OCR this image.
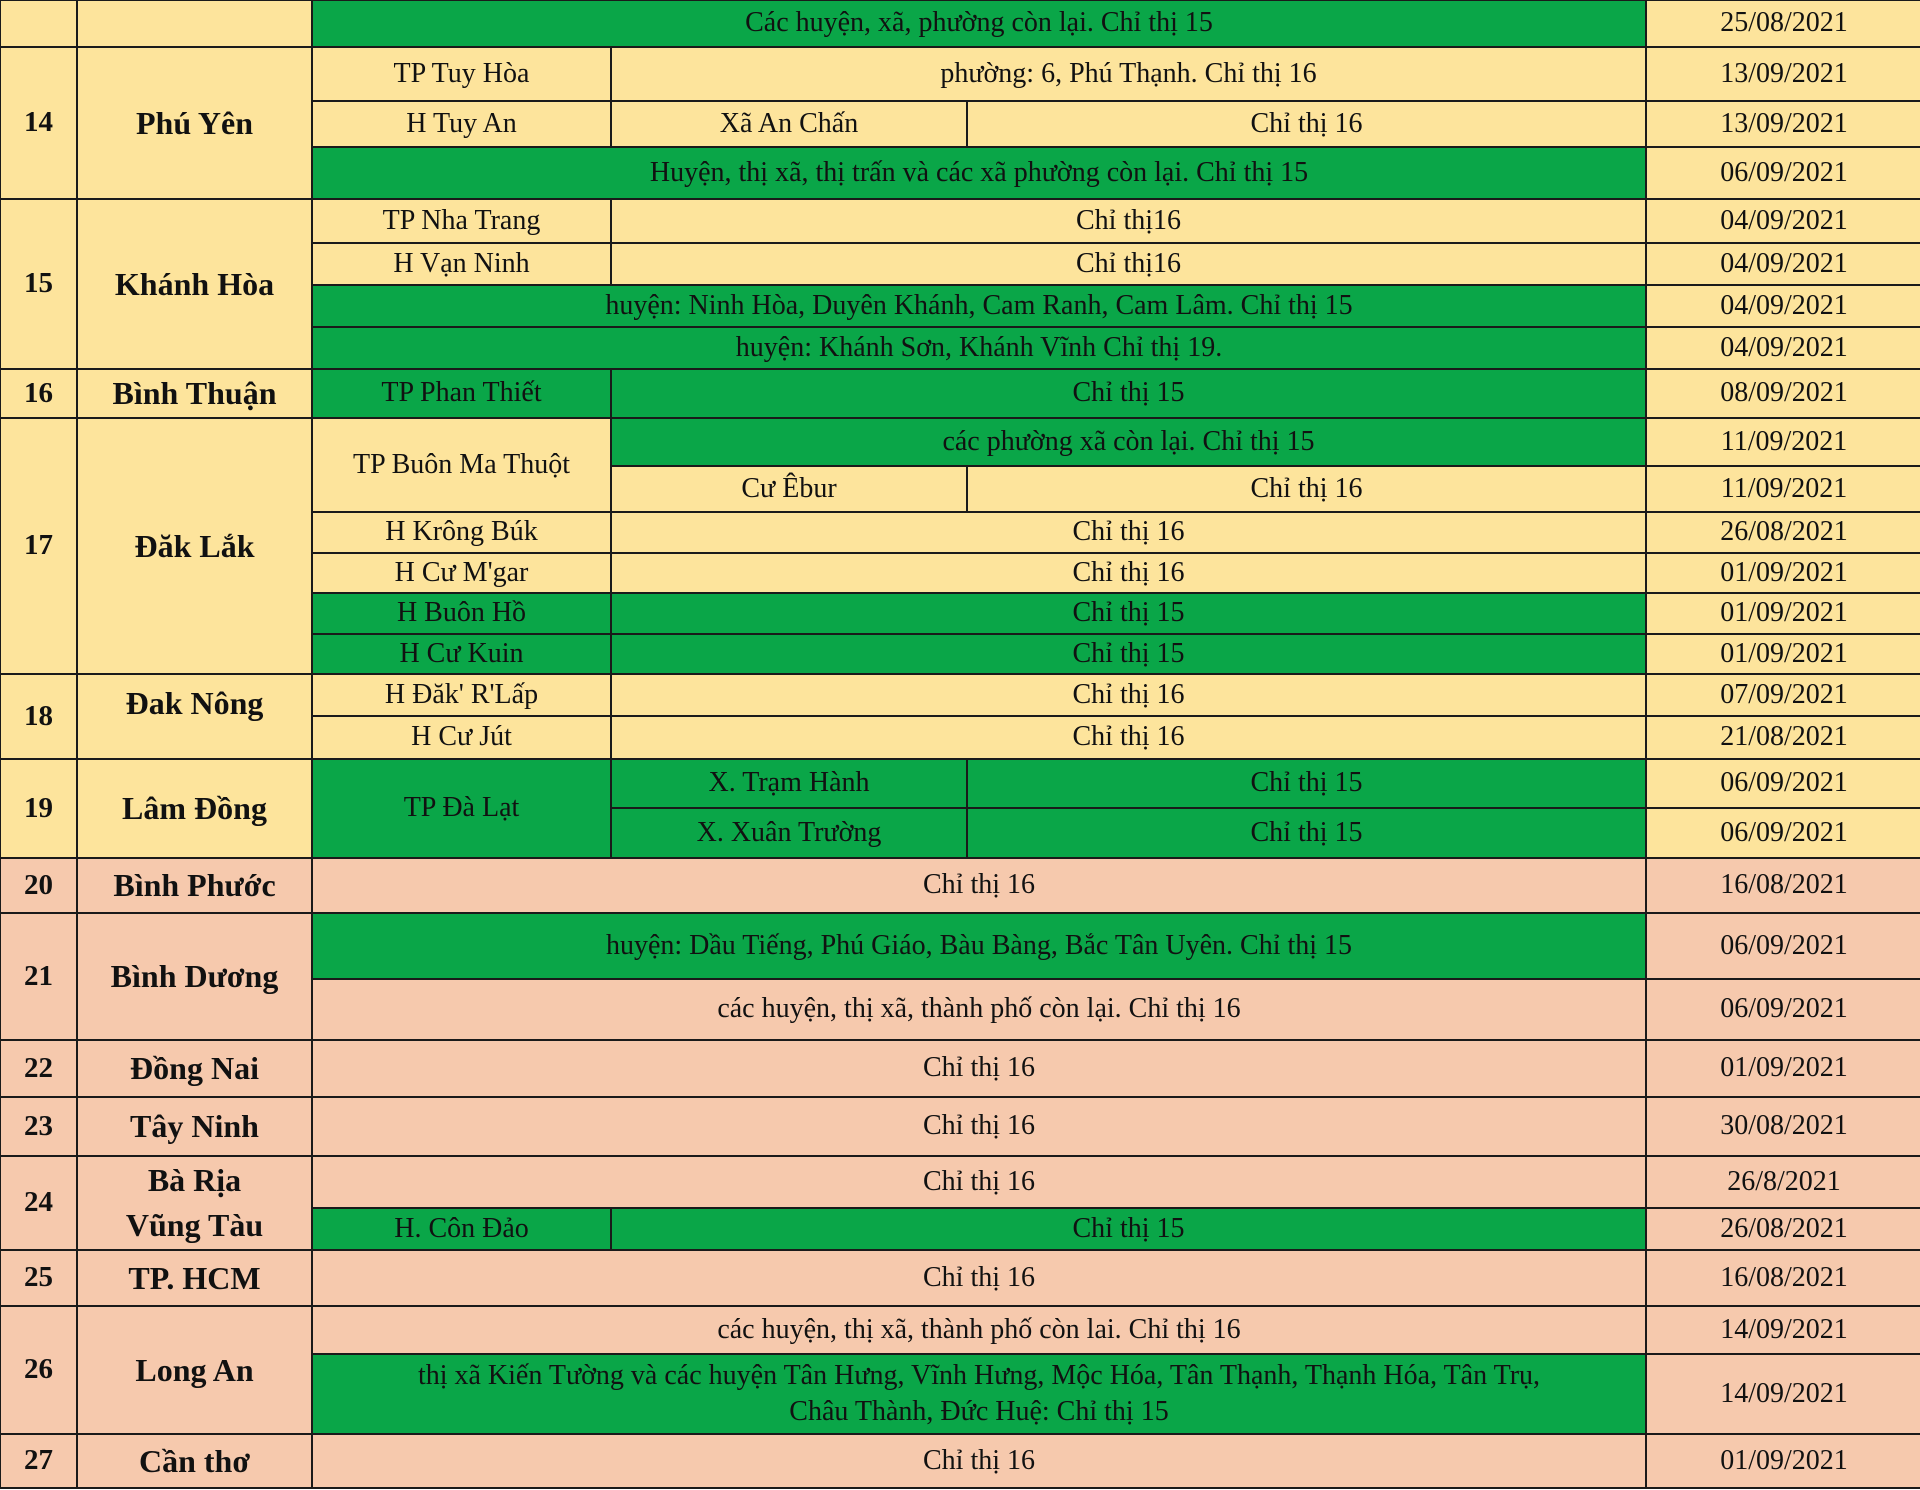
		Các huyện, xã, phường còn lại. Chỉ thị 15			25/08/2021
14	Phú Yên	TP Tuy Hòa	phường: 6, Phú Thạnh. Chỉ thị 16		13/09/2021
		H Tuy An	Xã An Chấn	Chỉ thị 16	13/09/2021
		Huyện, thị xã, thị trấn và các xã phường còn lại. Chỉ thị 15			06/09/2021
15	Khánh Hòa	TP Nha Trang	Chỉ thị16		04/09/2021
		H Vạn Ninh	Chỉ thị16		04/09/2021
		huyện: Ninh Hòa, Duyên Khánh, Cam Ranh, Cam Lâm. Chỉ thị 15			04/09/2021
		huyện: Khánh Sơn, Khánh Vĩnh Chỉ thị 19.			04/09/2021
16	Bình Thuận	TP Phan Thiết	Chỉ thị 15		08/09/2021
17	Đăk Lắk	TP Buôn Ma Thuột	các phường xã còn lại. Chỉ thị 15		11/09/2021
			Cư Êbur	Chỉ thị 16	11/09/2021
		H Krông Búk	Chỉ thị 16		26/08/2021
		H Cư M'gar	Chỉ thị 16		01/09/2021
		H Buôn Hồ	Chỉ thị 15		01/09/2021
		H Cư Kuin	Chỉ thị 15		01/09/2021
18	Đak Nông	H Đăk' R'Lấp	Chỉ thị 16		07/09/2021
		H Cư Jút	Chỉ thị 16		21/08/2021
19	Lâm Đồng	TP Đà Lạt	X. Trạm Hành	Chỉ thị 15	06/09/2021
			X. Xuân Trường	Chỉ thị 15	06/09/2021
20	Bình Phước	Chỉ thị 16			16/08/2021
21	Bình Dương	huyện: Dầu Tiếng, Phú Giáo, Bàu Bàng, Bắc Tân Uyên. Chỉ thị 15			06/09/2021
		các huyện, thị xã, thành phố còn lại. Chỉ thị 16			06/09/2021
22	Đồng Nai	Chỉ thị 16			01/09/2021
23	Tây Ninh	Chỉ thị 16			30/08/2021
24	Bà Rịa Vũng Tàu	Chỉ thị 16			26/8/2021
		H. Côn Đảo	Chỉ thị 15		26/08/2021
25	TP. HCM	Chỉ thị 16			16/08/2021
26	Long An	các huyện, thị xã, thành phố còn lai. Chỉ thị 16			14/09/2021
		thị xã Kiến Tường và các huyện Tân Hưng, Vĩnh Hưng, Mộc Hóa, Tân Thạnh, Thạnh Hóa, Tân Trụ, Châu Thành, Đức Huệ: Chỉ thị 15			14/09/2021
27	Cần thơ	Chỉ thị 16			01/09/2021
